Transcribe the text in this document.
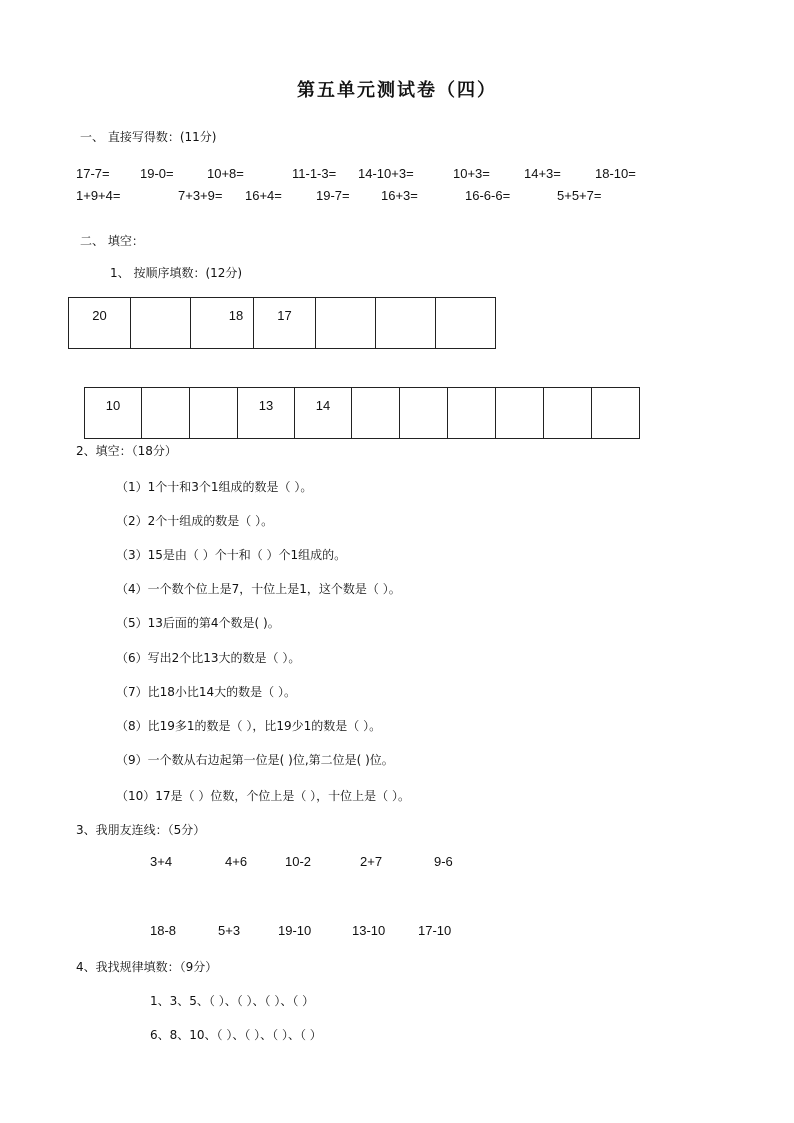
第五单元测试卷（四）
一、 直接写得数：(11分)
17-7= 19-0=	10+8=	11-1-3= 14-10+3=	10+3=	14+3=	18-10=
1+9+4=	7+3+9= 16+4=	19-7= 16+3=	16-6-6=	5+5+7=
二、 填空：
1、 按顺序填数：(12分)
20		18	17

10			13	14

2、填空：（18分）
（1）1个十和3个1组成的数是（ ）。
（2）2个十组成的数是（ ）。
（3）15是由（ ）个十和（ ）个1组成的。
（4）一个数个位上是7，十位上是1，这个数是（ ）。
（5）13后面的第4个数是( )。
（6）写出2个比13大的数是（ ）。
（7）比18小比14大的数是（ ）。
（8）比19多1的数是（ ），比19少1的数是（ ）。
（9）一个数从右边起第一位是( )位,第二位是( )位。
（10）17是（ ）位数，个位上是（ ），十位上是（ ）。
3、我朋友连线：（5分）
3+4	4+6	10-2	2+7	9-6
18-8	5+3	19-10	13-10	17-10
4、我找规律填数：（9分）
1、3、5、（ ）、（ ）、（ ）、（ ）
6、8、10、（ ）、（ ）、（ ）、（ ）
